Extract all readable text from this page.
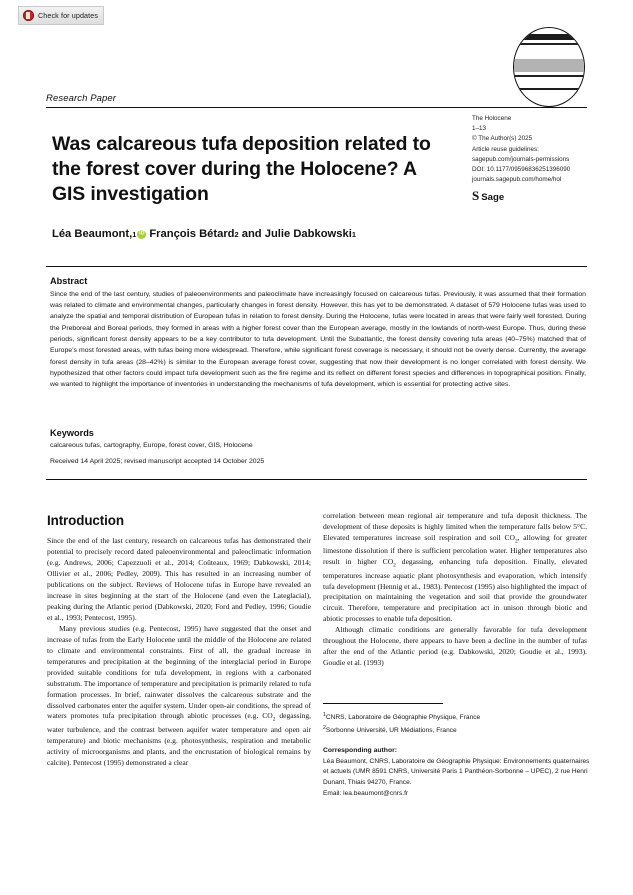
Check for updates
Research Paper
Was calcareous tufa deposition related to the forest cover during the Holocene? A GIS investigation
The Holocene
1–13
© The Author(s) 2025
Article reuse guidelines:
sagepub.com/journals-permissions
DOI: 10.1177/09596836251396090
journals.sagepub.com/home/hol
S Sage
Léa Beaumont, 1 iD François Bétard 2
and
Julie Dabkowski 1
Abstract
Since the end of the last century, studies of paleoenvironments and paleoclimate have increasingly focused on calcareous tufas. Previously, it was assumed that their formation was related to climate and environmental changes, particularly changes in forest density. However, this has yet to be demonstrated. A dataset of 579 Holocene tufas was used to analyze the spatial and temporal distribution of European tufas in relation to forest density. During the Holocene, tufas were located in areas that were fairly well forested. During the Preboreal and Boreal periods, they formed in areas with a higher forest cover than the European average, mostly in the lowlands of north-west Europe. Thus, during these periods, significant forest density appears to be a key contributor to tufa development. Until the Subatlantic, the forest density covering tufa areas (40–75%) matched that of Europe’s most forested areas, with tufas being more widespread. Therefore, while significant forest coverage is necessary, it should not be overly dense. Currently, the average forest density in tufa areas (28–42%) is similar to the European average forest cover, suggesting that now their development is no longer correlated with forest density. We hypothesized that other factors could impact tufa development such as the fire regime and its reflect on different forest species and differences in topographical position. Finally, we wanted to highlight the importance of inventories in understanding the mechanisms of tufa development, which is essential for protecting active sites.
Keywords
calcareous tufas, cartography, Europe, forest cover, GIS, Holocene
Received 14 April 2025; revised manuscript accepted 14 October 2025
Introduction

Since the end of the last century, research on calcareous tufas has demonstrated their potential to precisely record dated paleoenvironmental and paleoclimatic information (e.g. Andrews, 2006; Capezzuoli et al., 2014; Coûteaux, 1969; Dabkowski, 2014; Ollivier et al., 2006; Pedley, 2009). This has resulted in an increasing number of publications on the subject. Reviews of Holocene tufas in Europe have revealed an increase in sites beginning at the start of the Holocene (and even the Lateglacial), peaking during the Atlantic period (Dabkowski, 2020; Ford and Pedley, 1996; Goudie et al., 1993; Pentecost, 1995).

Many previous studies (e.g. Pentecost, 1995) have suggested that the onset and increase of tufas from the Early Holocene until the middle of the Holocene are related to climate and environmental constraints. First of all, the gradual increase in temperatures and precipitation at the beginning of the interglacial period in Europe provided suitable conditions for tufa development, in regions with a carbonated substratum. The importance of temperature and precipitation is primarily related to tufa formation processes. In brief, rainwater dissolves the calcareous substrate and the dissolved carbonates enter the aquifer system. Under open-air conditions, the spread of waters promotes tufa precipitation through abiotic processes (e.g. $CO_2$ degassing, water turbulence, and the contrast between aquifer water temperature and open air temperature) and biotic mechanisms (e.g. photosynthesis, respiration and metabolic activity of microorganisms and plants, and the encrustation of biological remains by calcite). Pentecost (1995) demonstrated a clear

correlation between mean regional air temperature and tufa deposit thickness. The development of these deposits is highly limited when the temperature falls below 5°C. Elevated temperatures increase soil respiration and soil $CO_2$, allowing for greater limestone dissolution if there is sufficient percolation water. Higher temperatures also result in higher $CO_2$ degassing, enhancing tufa deposition. Finally, elevated temperatures increase aquatic plant photosynthesis and evaporation, which intensify tufa development (Hennig et al., 1983). Pentecost (1995) also highlighted the impact of precipitation on maintaining the vegetation and soil that provide the groundwater circuit. Therefore, temperature and precipitation act in unison through biotic and abiotic processes to enable tufa deposition.

Although climatic conditions are generally favorable for tufa development throughout the Holocene, there appears to have been a decline in the number of tufas after the end of the Atlantic period (e.g. Dabkowski, 2020; Goudie et al., 1993). Goudie et al. (1993)

$^1$CNRS, Laboratoire de Géographie Physique, France
$^2$Sorbonne Université, UR Médiations, France
Corresponding author:
Léa Beaumont, CNRS, Laboratoire de Géographie Physique: Environnements quaternaires et actuels (UMR 8591 CNRS, Université Paris 1 Panthéon-Sorbonne – UPEC), 2 rue Henri Dunant, Thiais 94270, France.
Email: lea.beaumont@cnrs.fr
